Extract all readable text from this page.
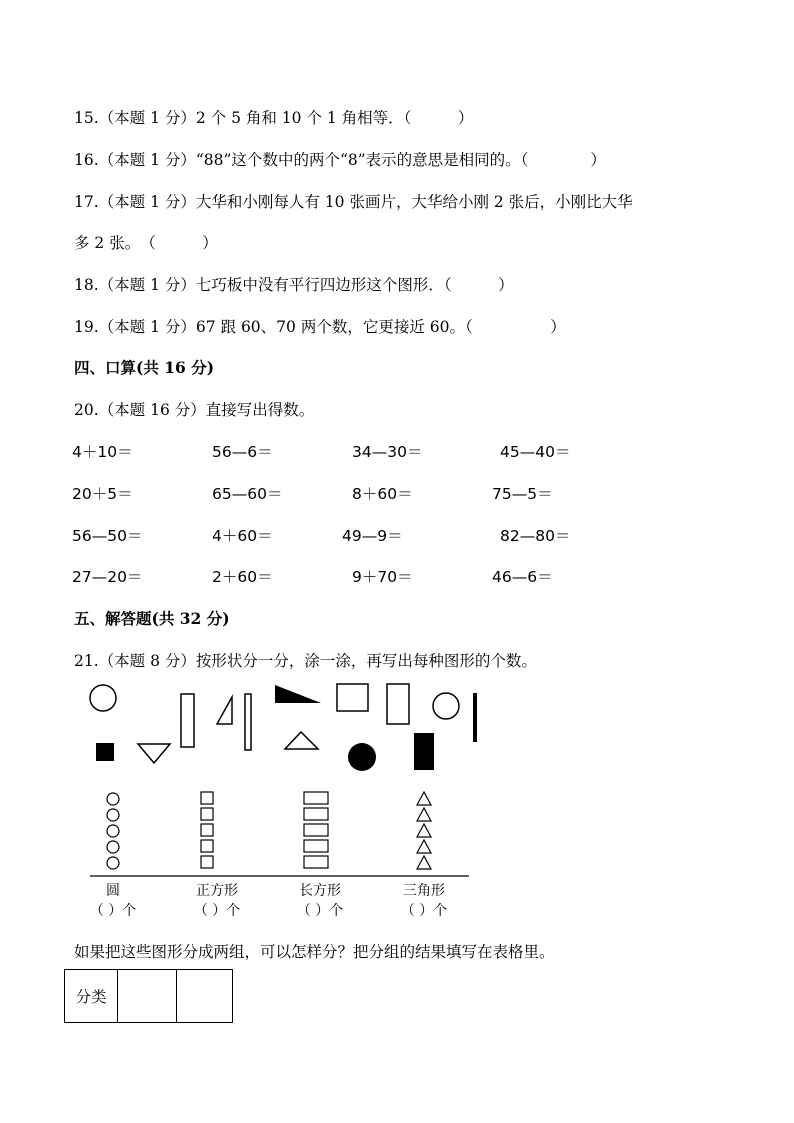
15.（本题 1 分）2 个 5 角和 10 个 1 角相等．（　　　）
16.（本题 1 分）“88”这个数中的两个“8”表示的意思是相同的。（　　　　）
17.（本题 1 分）大华和小刚每人有 10 张画片，大华给小刚 2 张后，小刚比大华
多 2 张。　（　　　）
18.（本题 1 分）七巧板中没有平行四边形这个图形．（　　　）
19.（本题 1 分）67 跟 60、70 两个数，它更接近 60。（　　　　　）
四、口算(共 16 分)
20.（本题 16 分）直接写出得数。
4＋10＝	56—6＝	34—30＝	45—40＝
20＋5＝	65—60＝	8＋60＝	75—5＝
56—50＝	4＋60＝	49—9＝	82—80＝
27—20＝	2＋60＝	9＋70＝	46—6＝
五、解答题(共 32 分)
21.（本题 8 分）按形状分一分，涂一涂，再写出每种图形的个数。
圆	正方形	长方形	三角形
（ ）个	（ ）个	（ ）个	（ ）个
如果把这些图形分成两组，可以怎样分？把分组的结果填写在表格里。
分类		
